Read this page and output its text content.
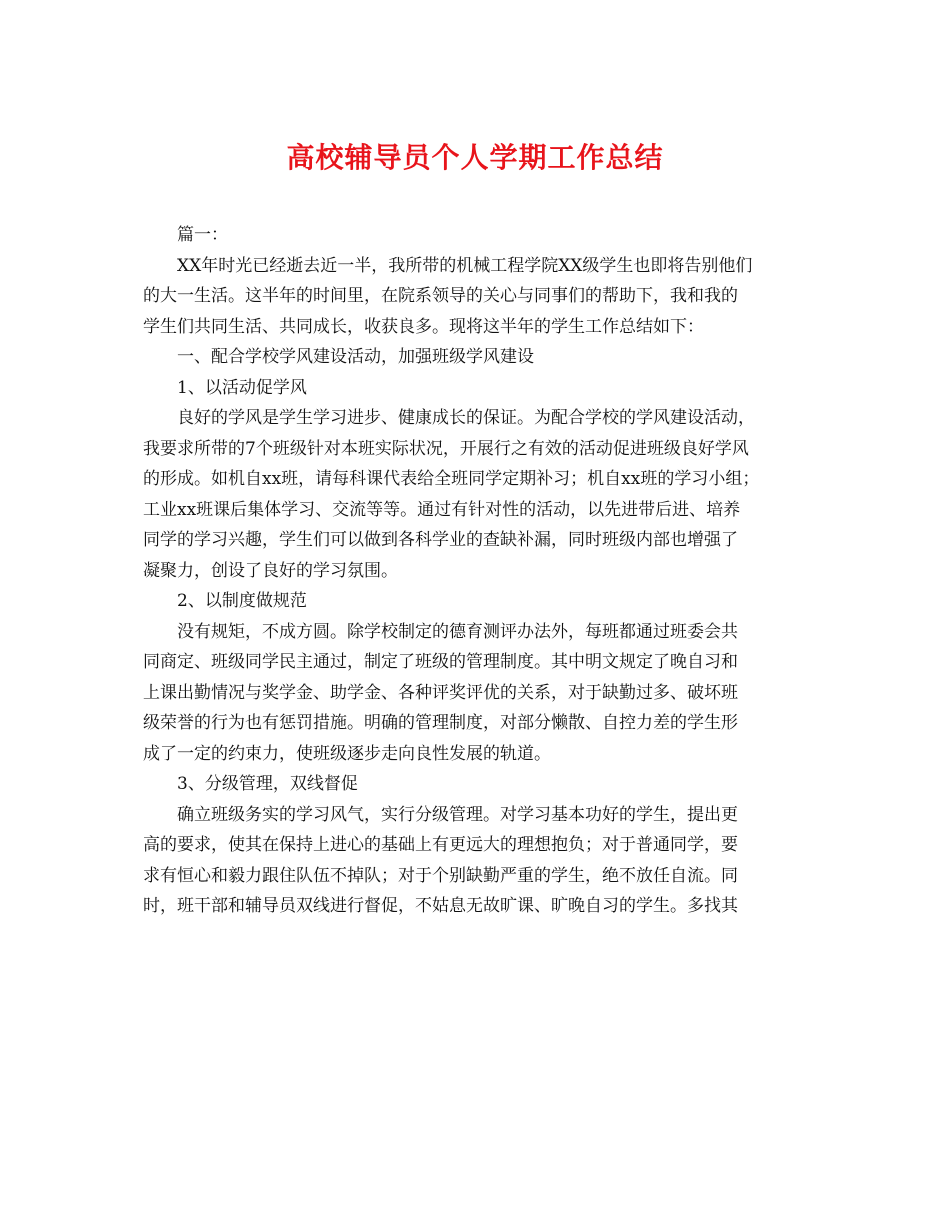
高校辅导员个人学期工作总结
篇一：
XX年时光已经逝去近一半，我所带的机械工程学院XX级学生也即将告别他们
的大一生活。这半年的时间里，在院系领导的关心与同事们的帮助下，我和我的
学生们共同生活、共同成长，收获良多。现将这半年的学生工作总结如下：
一、配合学校学风建设活动，加强班级学风建设
1、以活动促学风
良好的学风是学生学习进步、健康成长的保证。为配合学校的学风建设活动，
我要求所带的7个班级针对本班实际状况，开展行之有效的活动促进班级良好学风
的形成。如机自xx班，请每科课代表给全班同学定期补习；机自xx班的学习小组；
工业xx班课后集体学习、交流等等。通过有针对性的活动，以先进带后进、培养
同学的学习兴趣，学生们可以做到各科学业的查缺补漏，同时班级内部也增强了
凝聚力，创设了良好的学习氛围。
2、以制度做规范
没有规矩，不成方圆。除学校制定的德育测评办法外，每班都通过班委会共
同商定、班级同学民主通过，制定了班级的管理制度。其中明文规定了晚自习和
上课出勤情况与奖学金、助学金、各种评奖评优的关系，对于缺勤过多、破坏班
级荣誉的行为也有惩罚措施。明确的管理制度，对部分懒散、自控力差的学生形
成了一定的约束力，使班级逐步走向良性发展的轨道。
3、分级管理，双线督促
确立班级务实的学习风气，实行分级管理。对学习基本功好的学生，提出更
高的要求，使其在保持上进心的基础上有更远大的理想抱负；对于普通同学，要
求有恒心和毅力跟住队伍不掉队；对于个别缺勤严重的学生，绝不放任自流。同
时，班干部和辅导员双线进行督促，不姑息无故旷课、旷晚自习的学生。多找其
